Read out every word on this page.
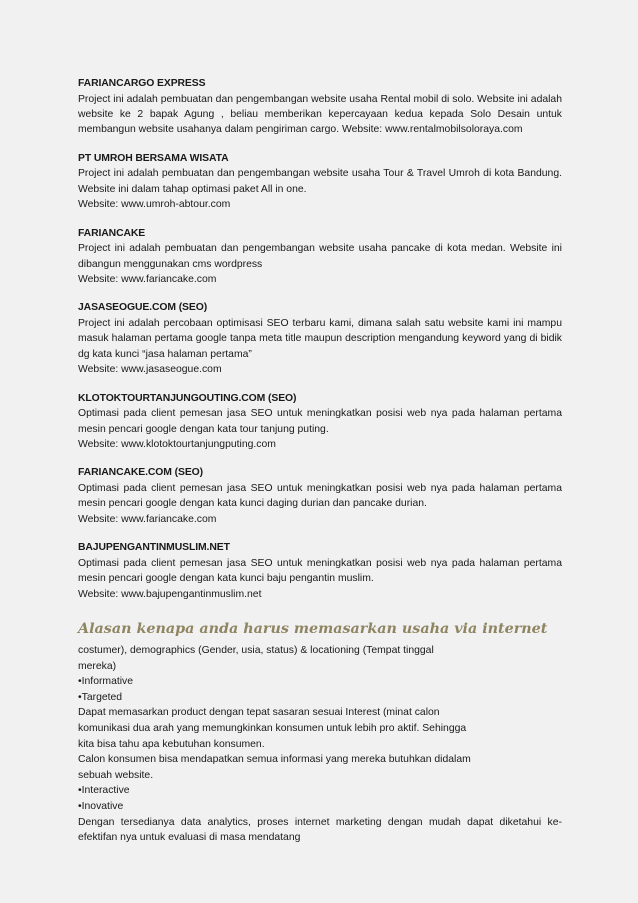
FARIANCARGO EXPRESS
Project ini adalah pembuatan dan pengembangan website usaha Rental mobil di solo. Website ini adalah website ke 2 bapak Agung , beliau memberikan kepercayaan kedua kepada Solo Desain untuk membangun website usahanya dalam pengiriman cargo. Website: www.rentalmobilsoloraya.com
PT UMROH BERSAMA WISATA
Project ini adalah pembuatan dan pengembangan website usaha Tour & Travel Umroh di kota Bandung. Website ini dalam tahap optimasi paket All in one.
Website: www.umroh-abtour.com
FARIANCAKE
Project ini adalah pembuatan dan pengembangan website usaha pancake di kota medan. Website ini dibangun menggunakan cms wordpress
Website: www.fariancake.com
JASASEOGUE.COM (SEO)
Project ini adalah percobaan optimisasi SEO terbaru kami, dimana salah satu website kami ini mampu masuk halaman pertama google tanpa meta title maupun description mengandung keyword yang di bidik dg kata kunci “jasa halaman pertama”
Website: www.jasaseogue.com
KLOTOKTOURTANJUNGOUTING.COM (SEO)
Optimasi pada client pemesan jasa SEO untuk meningkatkan posisi web nya pada halaman pertama mesin pencari google dengan kata tour tanjung puting.
Website: www.klotoktourtanjungputing.com
FARIANCAKE.COM (SEO)
Optimasi pada client pemesan jasa SEO untuk meningkatkan posisi web nya pada halaman pertama mesin pencari google dengan kata kunci daging durian dan pancake durian.
Website: www.fariancake.com
BAJUPENGANTINMUSLIM.NET
Optimasi pada client pemesan jasa SEO untuk meningkatkan posisi web nya pada halaman pertama mesin pencari google dengan kata kunci baju pengantin muslim.
Website: www.bajupengantinmuslim.net
Alasan kenapa anda harus memasarkan usaha via internet
costumer), demographics (Gender, usia, status) & locationing (Tempat tinggal
mereka)
•Informative
•Targeted
Dapat memasarkan product dengan tepat sasaran sesuai Interest (minat calon
komunikasi dua arah yang memungkinkan konsumen untuk lebih pro aktif. Sehingga
kita bisa tahu apa kebutuhan konsumen.
Calon konsumen bisa mendapatkan semua informasi yang mereka butuhkan didalam
sebuah website.
•Interactive
•Inovative
Dengan tersedianya data analytics, proses internet marketing dengan mudah dapat diketahui ke-
efektifan nya untuk evaluasi di masa mendatang
